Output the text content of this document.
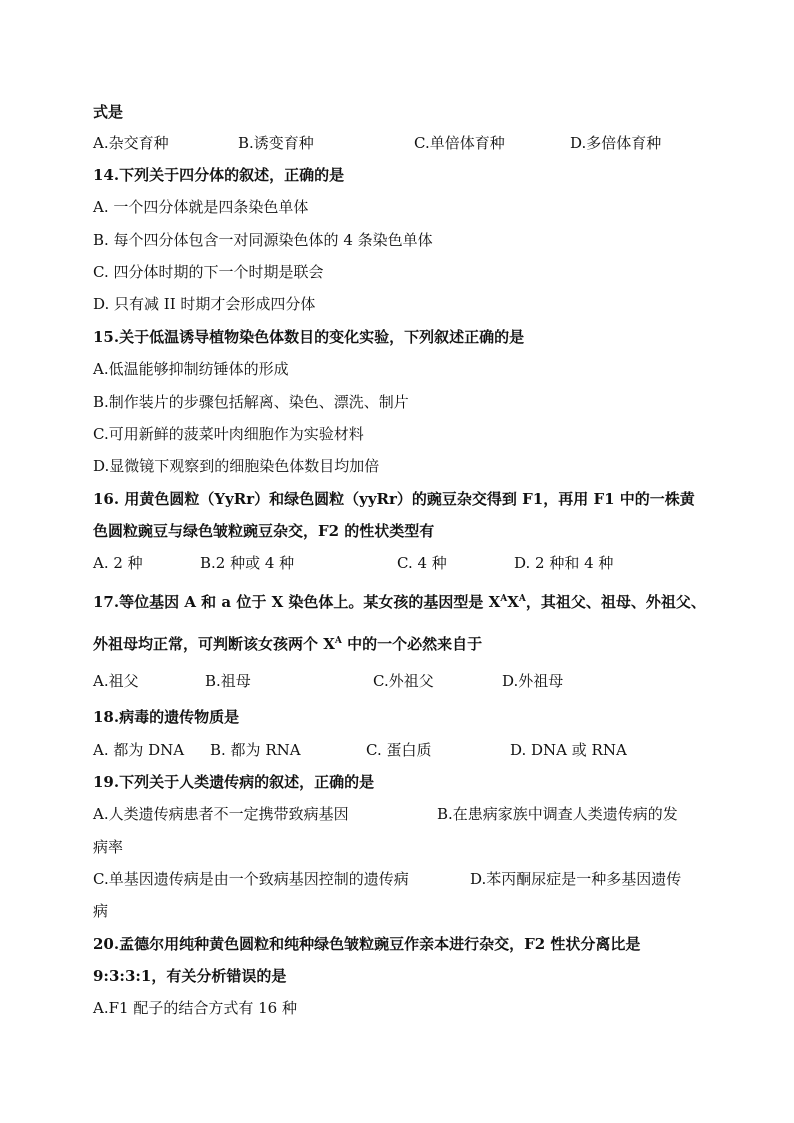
式是
A.杂交育种	B.诱变育种	C.单倍体育种	D.多倍体育种
14.下列关于四分体的叙述，正确的是
A. 一个四分体就是四条染色单体
B. 每个四分体包含一对同源染色体的 4 条染色单体
C. 四分体时期的下一个时期是联会
D. 只有减 II 时期才会形成四分体
15.关于低温诱导植物染色体数目的变化实验，下列叙述正确的是
A.低温能够抑制纺锤体的形成
B.制作装片的步骤包括解离、染色、漂洗、制片
C.可用新鲜的菠菜叶肉细胞作为实验材料
D.显微镜下观察到的细胞染色体数目均加倍
16. 用黄色圆粒（YyRr）和绿色圆粒（yyRr）的豌豆杂交得到 F1，再用 F1 中的一株黄
色圆粒豌豆与绿色皱粒豌豆杂交，F2 的性状类型有
A. 2 种	B.2 种或 4 种	C. 4 种	D. 2 种和 4 种
17.等位基因 A 和 a 位于 X 染色体上。某女孩的基因型是 $X^AX^A$，其祖父、祖母、外祖父、
外祖母均正常，可判断该女孩两个 $X^A$ 中的一个必然来自于
A.祖父	B.祖母	C.外祖父	D.外祖母
18.病毒的遗传物质是
A. 都为 DNA B. 都为 RNA	C. 蛋白质	D. DNA 或 RNA
19.下列关于人类遗传病的叙述，正确的是
A.人类遗传病患者不一定携带致病基因	B.在患病家族中调查人类遗传病的发
病率
C.单基因遗传病是由一个致病基因控制的遗传病	D.苯丙酮尿症是一种多基因遗传
病
20.孟德尔用纯种黄色圆粒和纯种绿色皱粒豌豆作亲本进行杂交，F2 性状分离比是
9:3:3:1，有关分析错误的是
A.F1 配子的结合方式有 16 种
